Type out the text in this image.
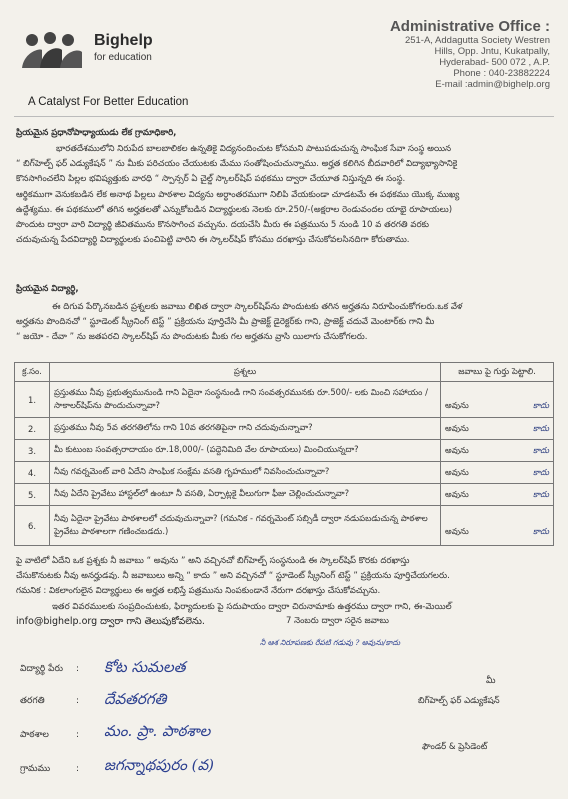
Bighelp
for education
A Catalyst For Better Education
Administrative Office :
251-A, Addagutta Society Westren
Hills, Opp. Jntu, Kukatpally,
Hyderabad- 500 072 , A.P.
Phone : 040-23882224
E-mail :admin@bighelp.org
ప్రియమైన ప్రధానోపాధ్యాయుడు లేక గ్రామాధికారి,
భారతదేశములోని నిరుపేద బాలబాలికల ఉన్నతికై విద్యనందించుట కోసమని పాటుపడుచున్న సాంఘిక సేవా సంస్థ అయిన
“ బిగ్‌హెల్ప్ ఫర్ ఎడ్యుకేషన్ ” ను మీకు పరిచయం చేయుటకు మేము సంతోషించుచున్నాము. అర్హత కలిగిన బీదవారిలో విద్యాభ్యాసానికై
కొనసాగించలేని పిల్లల భవిష్యత్తుకు వారధి “ స్పాన్సర్ ఏ చైల్డ్ స్కాలర్‌షిప్ పథకము ద్వారా చేయూత నిస్తున్నది ఈ సంస్థ.
ఆర్థికముగా వెనుకబడిన లేక అనాథ పిల్లలు పాఠశాల విద్యను అర్ధాంతరముగా నిలిపి వేయకుండా చూడటమే ఈ పథకము యొక్క ముఖ్య
ఉద్దేశ్యము. ఈ పథకములో తగిన అర్హతలతో ఎన్నుకోబడిన విద్యార్థులకు నెలకు రూ.250/-(అక్షరాల రెండువందల యాభై రూపాయలు)
పొందుట ద్వారా వారి విద్యార్థి జీవితమును కొనసాగించ వచ్చును. దయచేసి మీరు ఈ పత్రమును 5 నుండి 10 వ తరగతి వరకు
చదువుచున్న పేదవిద్యార్థి విద్యార్థులకు పంచిపెట్టి వారిని ఈ స్కాలర్‌షిప్ కోసము దరఖాస్తు చేసుకోవలసినదిగా కోరుతాము.
ప్రియమైన విద్యార్థి,
ఈ దిగువ పేర్కొనబడిన ప్రశ్నలకు జవాబు లిఖిత ద్వారా స్కాలర్‌షిప్‌ను పొందుటకు తగిన అర్హతను నిరూపించుకోగలరు.ఒక వేళ
అర్హతను పొందినచో “ స్టూడెంట్ స్క్రీనింగ్ టెస్ట్ ” ప్రక్రియను పూర్తిచేసి మీ ప్రాజెక్ట్ డైరెక్టర్‌కు గాని, ప్రాజెక్ట్ చదువే మెంటార్‌కు గాని మీ
“ జయో - దేవా ” ను జతపరచి స్కాలర్‌షిప్ ను పొందుటకు మీకు గల అర్హతను వ్రాసి యిలాగు చేసుకోగలరు.
క్ర.సం.	ప్రశ్నలు	జవాబు పై గుర్తు పెట్టాలి.
1.	ప్రస్తుతము నీవు ప్రభుత్వమునుండి గాని ఏదైనా సంస్థనుండి గాని సంవత్సరమునకు రూ.500/- లకు మించి సహాయం / సాకాలర్‌షిప్‌ను పొందుచున్నావా?	అవును కాదు

2.	ప్రస్తుతము నీవు 5వ తరగతిలోను గాని 10వ తరగతిపైనా గాని చదువుచున్నావా?	అవును కాదు

3.	మీ కుటుంబ సంవత్సరాదాయం రూ.18,000/- (పద్దెనిమిది వేల రూపాయలు) మించియున్నదా?	అవును కాదు

4.	నీవు గవర్నమెంట్ వారి ఏదేని సాంఘిక సంక్షేమ వసతి గృహములో నివసించుచున్నావా?	అవును కాదు

5.	నీవు ఏదేని ప్రైవేటు హాస్టల్‌లో ఉంటూ నీ వసతి, ఏర్పాట్లకై వీలుగుగా ఫీజు చెల్లించుచున్నావా?	అవును కాదు

6.	నీవు ఏదైనా ప్రైవేటు పాఠశాలలో చదువుచున్నావా? (గమనిక - గవర్నమెంట్ సబ్సిడీ ద్వారా నడుపబడుచున్న పాఠశాల ప్రైవేటు పాఠశాలగా గణించబడదు.)	అవును కాదు
పై వాటిలో ఏదేని ఒక ప్రశ్నకు నీ జవాబు “ అవును ” అని వచ్చినచో బిగ్‌హెల్ప్ సంస్థనుండి ఈ స్కాలర్‌షిప్ కొరకు దరఖాస్తు
చేసుకొనుటకు నీవు అనర్హుడవు. నీ జవాబులు అన్ని “ కాదు ” అని వచ్చినచో “ స్టూడెంట్ స్క్రీనింగ్ టెస్ట్ ” ప్రక్రియను పూర్తిచేయగలరు.
గమనిక : వికలాంగులైన విద్యార్థులు ఈ అర్హత లభిస్తే పత్రమును నింపకుండానే నేరుగా దరఖాస్తు చేసుకోవచ్చును.
ఇతర వివరములకు సంప్రదించుటకు, ఫిర్యాదులకు పై సదుపాయం ద్వారా చిరునామాకు ఉత్తరము ద్వారా గాని, ఈ-మెయిల్
info@bighelp.org ద్వారా గాని తెలుపుకోవలెను.	7 నెంబరు ద్వారా సరైన జవాబు
నీ ఆశ నిరూపణకు రేపటి గడువు ? అవును/కాదు
విద్యార్థి పేరు : కోట సుమలత
తరగతి	: దేవతరగతి
పాఠశాల	: మం. ప్రా. పాఠశాల
గ్రామము	: జగన్నాథపురం (వ)
మీ
బిగ్‌హెల్ప్ ఫర్ ఎడ్యుకేషన్
ఫౌండర్ & ప్రెసిడెంట్
